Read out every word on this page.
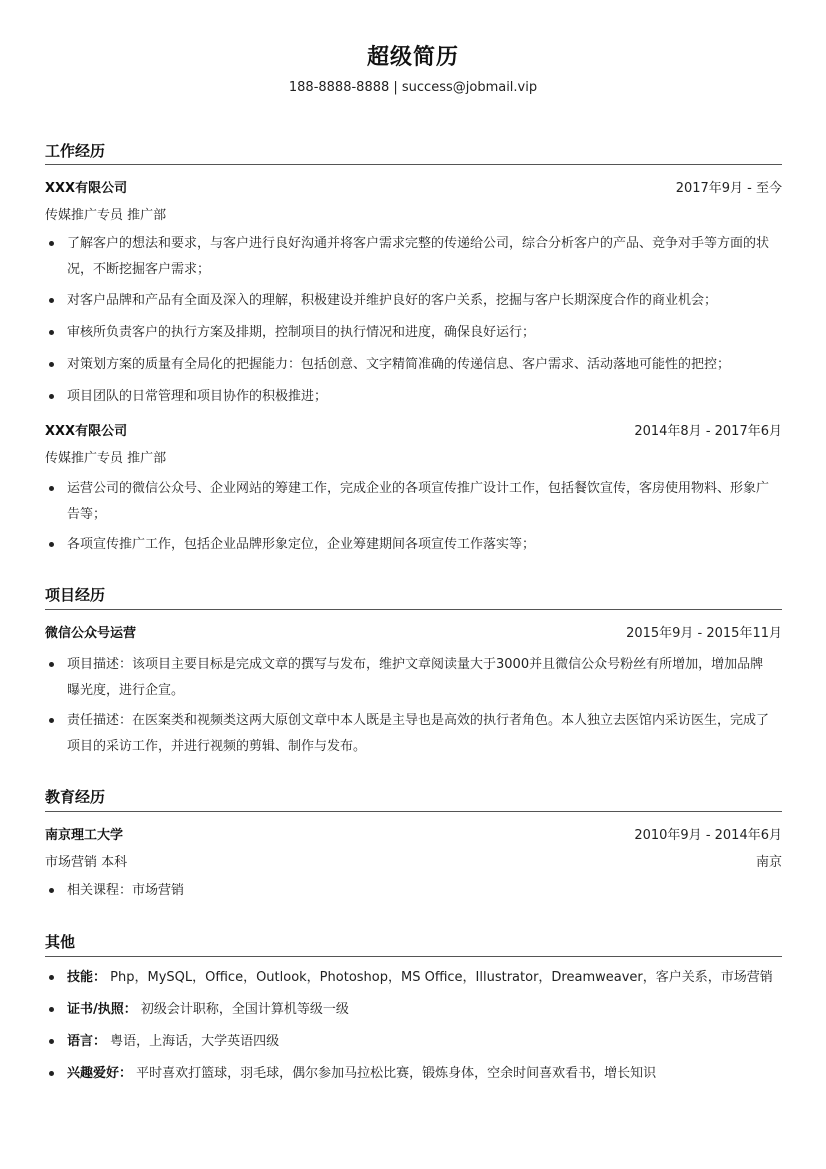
超级简历
188-8888-8888 | success@jobmail.vip
工作经历
XXX有限公司	2017年9月 - 至今
传媒推广专员 推广部
了解客户的想法和要求，与客户进行良好沟通并将客户需求完整的传递给公司，综合分析客户的产品、竞争对手等方面的状况，不断挖掘客户需求；
对客户品牌和产品有全面及深入的理解，积极建设并维护良好的客户关系，挖掘与客户长期深度合作的商业机会；
审核所负责客户的执行方案及排期，控制项目的执行情况和进度，确保良好运行；
对策划方案的质量有全局化的把握能力：包括创意、文字精简准确的传递信息、客户需求、活动落地可能性的把控；
项目团队的日常管理和项目协作的积极推进；
XXX有限公司	2014年8月 - 2017年6月
传媒推广专员 推广部
运营公司的微信公众号、企业网站的筹建工作，完成企业的各项宣传推广设计工作，包括餐饮宣传，客房使用物料、形象广告等；
各项宣传推广工作，包括企业品牌形象定位，企业筹建期间各项宣传工作落实等；
项目经历
微信公众号运营	2015年9月 - 2015年11月
项目描述：该项目主要目标是完成文章的撰写与发布，维护文章阅读量大于3000并且微信公众号粉丝有所增加，增加品牌曝光度，进行企宣。
责任描述：在医案类和视频类这两大原创文章中本人既是主导也是高效的执行者角色。本人独立去医馆内采访医生，完成了项目的采访工作，并进行视频的剪辑、制作与发布。
教育经历
南京理工大学	2010年9月 - 2014年6月
市场营销 本科	南京
相关课程：市场营销
其他
技能： Php，MySQL，Office，Outlook，Photoshop，MS Office，Illustrator，Dreamweaver，客户关系，市场营销
证书/执照： 初级会计职称，全国计算机等级一级
语言： 粤语，上海话，大学英语四级
兴趣爱好： 平时喜欢打篮球，羽毛球，偶尔参加马拉松比赛，锻炼身体，空余时间喜欢看书，增长知识
